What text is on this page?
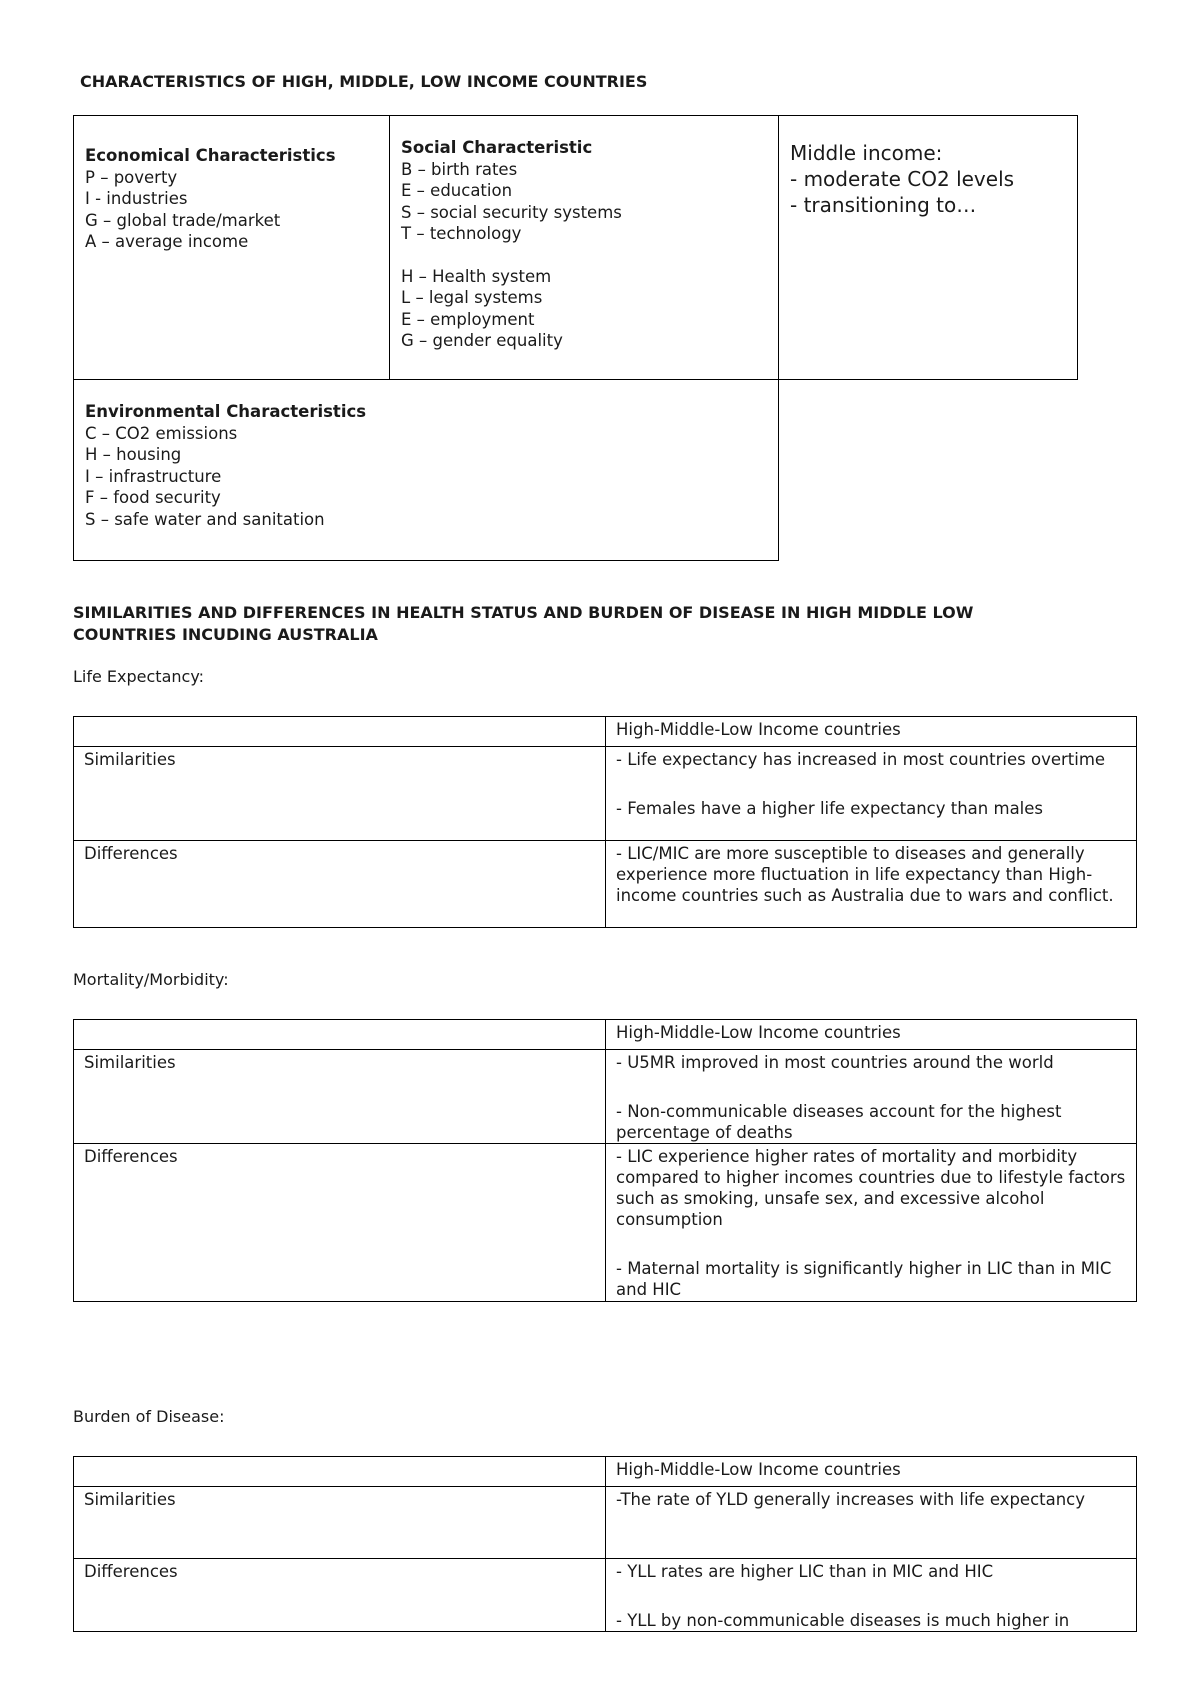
CHARACTERISTICS OF HIGH, MIDDLE, LOW INCOME COUNTRIES
Economical Characteristics
P – poverty
I - industries
G – global trade/market
A – average income
Social Characteristic
B – birth rates
E – education
S – social security systems
T – technology
H – Health system
L – legal systems
E – employment
G – gender equality
Middle income:
- moderate CO2 levels
- transitioning to…
Environmental Characteristics
C – CO2 emissions
H – housing
I – infrastructure
F – food security
S – safe water and sanitation
SIMILARITIES AND DIFFERENCES IN HEALTH STATUS AND BURDEN OF DISEASE IN HIGH MIDDLE LOW
COUNTRIES INCUDING AUSTRALIA
Life Expectancy:
	High-Middle-Low Income countries
Similarities	- Life expectancy has increased in most countries overtime
- Females have a higher life expectancy than males

Differences	- LIC/MIC are more susceptible to diseases and generally experience more fluctuation in life expectancy than High-income countries such as Australia due to wars and conflict.
Mortality/Morbidity:
	High-Middle-Low Income countries
Similarities	- U5MR improved in most countries around the world
- Non-communicable diseases account for the highest percentage of deaths

Differences	- LIC experience higher rates of mortality and morbidity compared to higher incomes countries due to lifestyle factors such as smoking, unsafe sex, and excessive alcohol consumption
- Maternal mortality is significantly higher in LIC than in MIC and HIC
Burden of Disease:
	High-Middle-Low Income countries
Similarities	-The rate of YLD generally increases with life expectancy

Differences	- YLL rates are higher LIC than in MIC and HIC
- YLL by non-communicable diseases is much higher in
